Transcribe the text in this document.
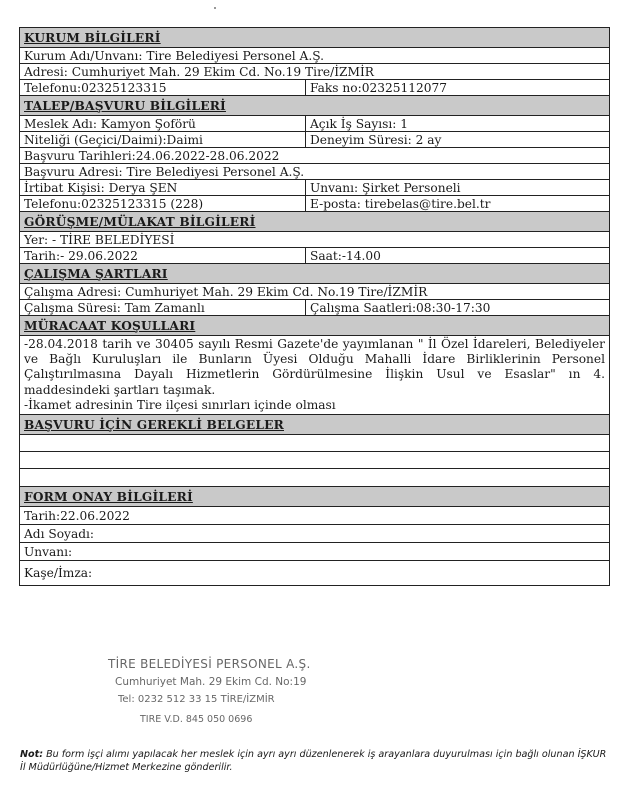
KURUM BİLGİLERİ	
Kurum Adı/Unvanı: Tire Belediyesi Personel A.Ş.	
Adresi: Cumhuriyet Mah. 29 Ekim Cd. No.19 Tire/İZMİR	
Telefonu:02325123315	Faks no:02325112077
TALEP/BAŞVURU BİLGİLERİ	
Meslek Adı: Kamyon Şoförü	Açık İş Sayısı: 1
Niteliği (Geçici/Daimi):Daimi	Deneyim Süresi: 2 ay
Başvuru Tarihleri:24.06.2022-28.06.2022	
Başvuru Adresi: Tire Belediyesi Personel A.Ş.	
İrtibat Kişisi: Derya ŞEN	Unvanı: Şirket Personeli
Telefonu:02325123315 (228)	E-posta: tirebelas@tire.bel.tr
GÖRÜŞME/MÜLAKAT BİLGİLERİ	
Yer: - TİRE BELEDİYESİ	
Tarih:- 29.06.2022	Saat:-14.00
ÇALIŞMA ŞARTLARI	
Çalışma Adresi: Cumhuriyet Mah. 29 Ekim Cd. No.19 Tire/İZMİR	
Çalışma Süresi: Tam Zamanlı	Çalışma Saatleri:08:30-17:30
MÜRACAAT KOŞULLARI	

-28.04.2018 tarih ve 30405 sayılı Resmi Gazete'de yayımlanan " İl Özel İdareleri, Belediyeler ve Bağlı Kuruluşları ile Bunların Üyesi Olduğu Mahalli İdare Birliklerinin Personel Çalıştırılmasına Dayalı Hizmetlerin Gördürülmesine İlişkin Usul ve Esaslar" ın 4. maddesindeki şartları taşımak.
-İkamet adresinin Tire ilçesi sınırları içinde olması	

BAŞVURU İÇİN GEREKLİ BELGELER	

FORM ONAY BİLGİLERİ	
Tarih:22.06.2022	
Adı Soyadı:	
Unvanı:	
Kaşe/İmza:	
TİRE BELEDİYESİ PERSONEL A.Ş.
Cumhuriyet Mah. 29 Ekim Cd. No:19
Tel: 0232 512 33 15 TİRE/İZMİR
TİRE V.D. 845 050 0696
Not: Bu form işçi alımı yapılacak her meslek için ayrı ayrı düzenlenerek iş arayanlara duyurulması için bağlı olunan İŞKUR İl Müdürlüğüne/Hizmet Merkezine gönderilir.
